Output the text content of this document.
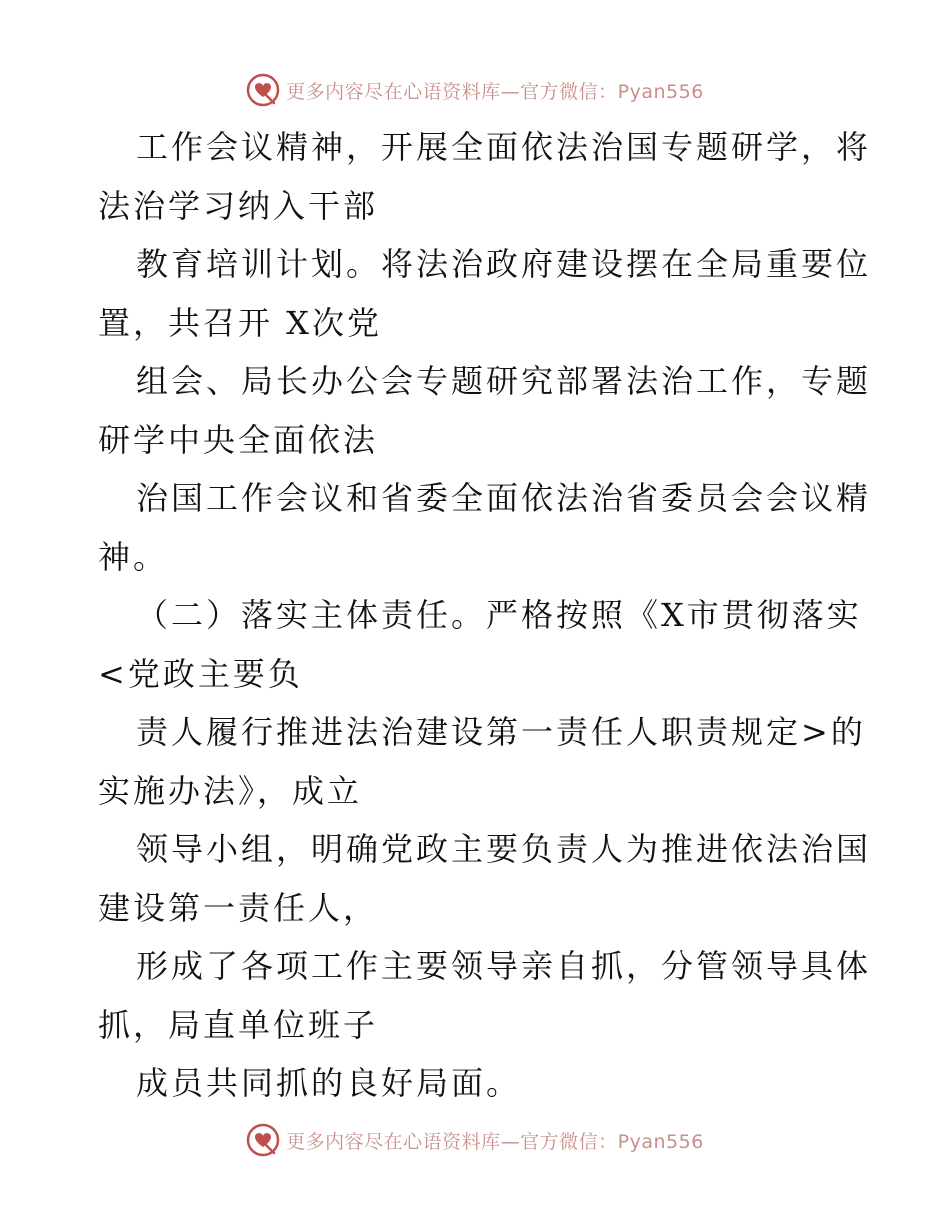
更多内容尽在心语资料库—官方微信：Pyan556
工作会议精神，开展全面依法治国专题研学，将
法治学习纳入干部
教育培训计划。将法治政府建设摆在全局重要位
置，共召开 X次党
组会、局长办公会专题研究部署法治工作，专题
研学中央全面依法
治国工作会议和省委全面依法治省委员会会议精
神。
（二）落实主体责任。严格按照《X市贯彻落实
<党政主要负
责人履行推进法治建设第一责任人职责规定>的
实施办法》，成立
领导小组，明确党政主要负责人为推进依法治国
建设第一责任人，
形成了各项工作主要领导亲自抓，分管领导具体
抓，局直单位班子
成员共同抓的良好局面。
更多内容尽在心语资料库—官方微信：Pyan556
